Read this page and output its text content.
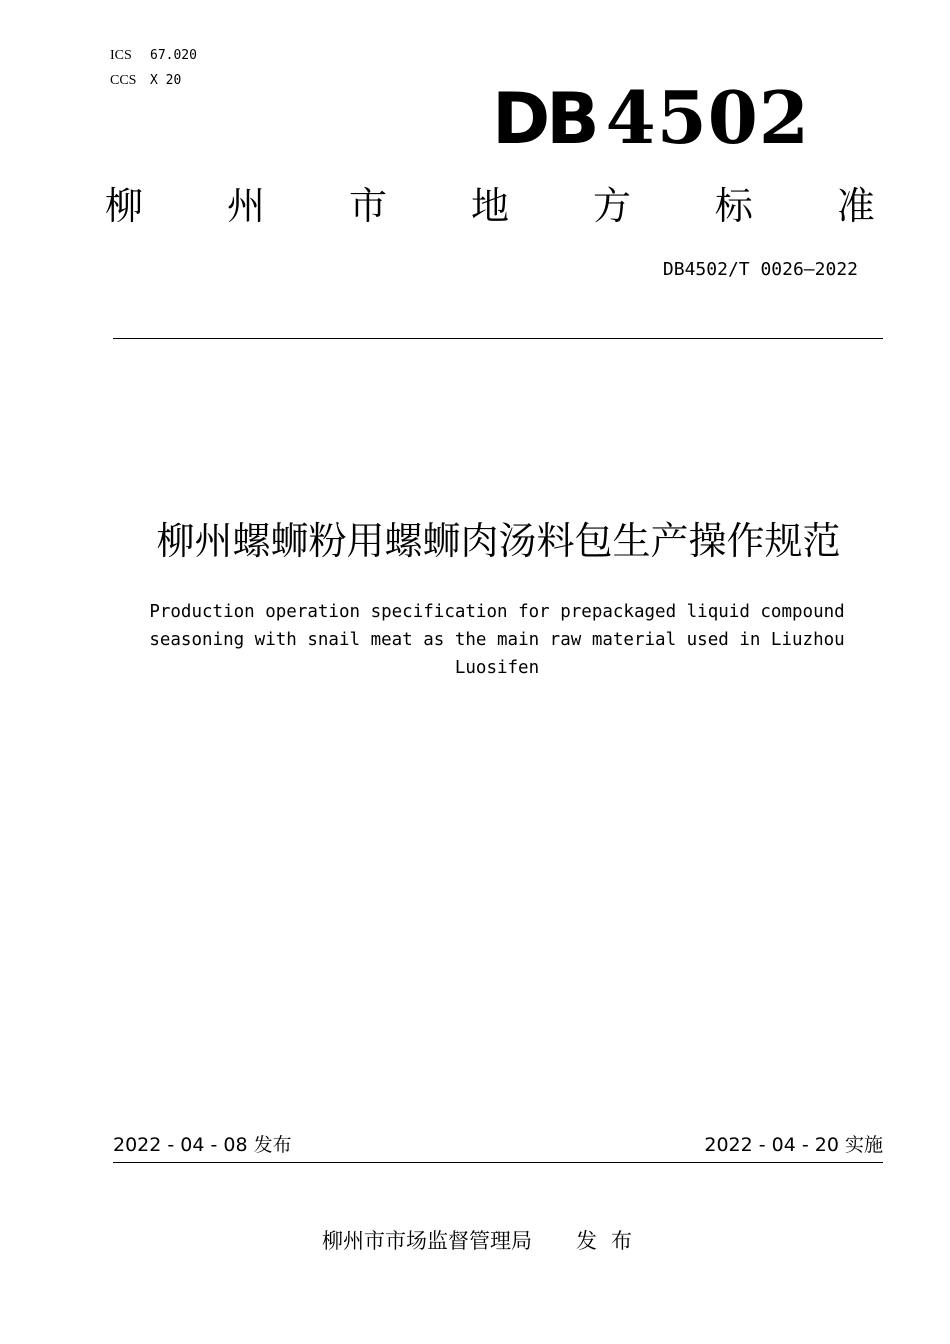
ICS 67.020
CCS X 20	DB 4502
柳 州 市 地 方 标 准
DB4502/T 0026—2022
柳州螺蛳粉用螺蛳肉汤料包生产操作规范
Production operation specification for prepackaged liquid compound
seasoning with snail meat as the main raw material used in Liuzhou
Luosifen
2022 - 04 - 08 发布	2022 - 04 - 20 实施
柳州市市场监督管理局 发布
